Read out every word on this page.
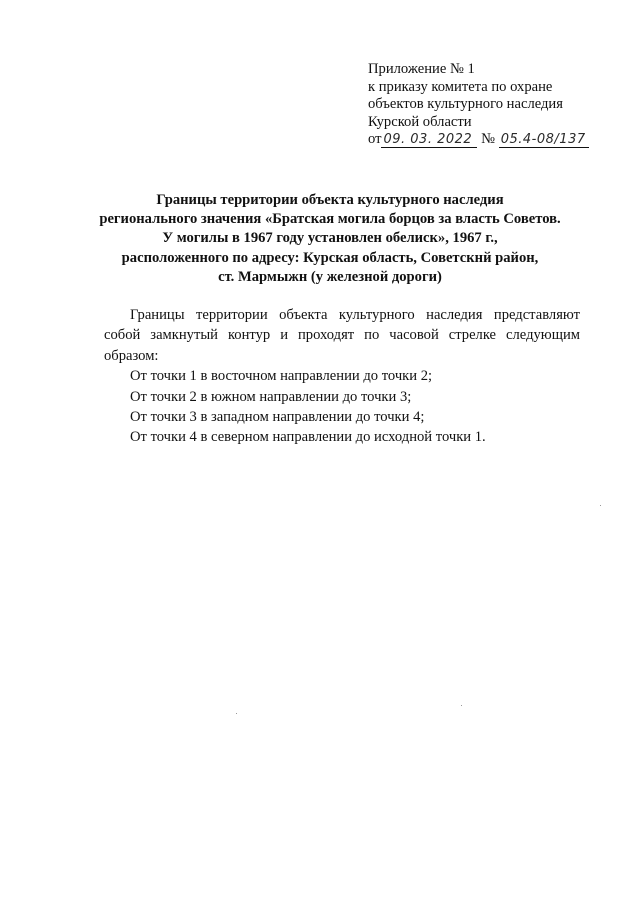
Приложение № 1
к приказу комитета по охране
объектов культурного наследия
Курской области
от 09. 03. 2022 № 05.4-08/137
Границы территории объекта культурного наследия
регионального значения «Братская могила борцов за власть Советов.
У могилы в 1967 году установлен обелиск», 1967 г.,
расположенного по адресу: Курская область, Советскнй район,
ст. Мармыжн (у железной дороги)
Границы территории объекта культурного наследия представляют собой замкнутый контур и проходят по часовой стрелке следующим образом:
От точки 1 в восточном направлении до точки 2;
От точки 2 в южном направлении до точки 3;
От точки 3 в западном направлении до точки 4;
От точки 4 в северном направлении до исходной точки 1.
